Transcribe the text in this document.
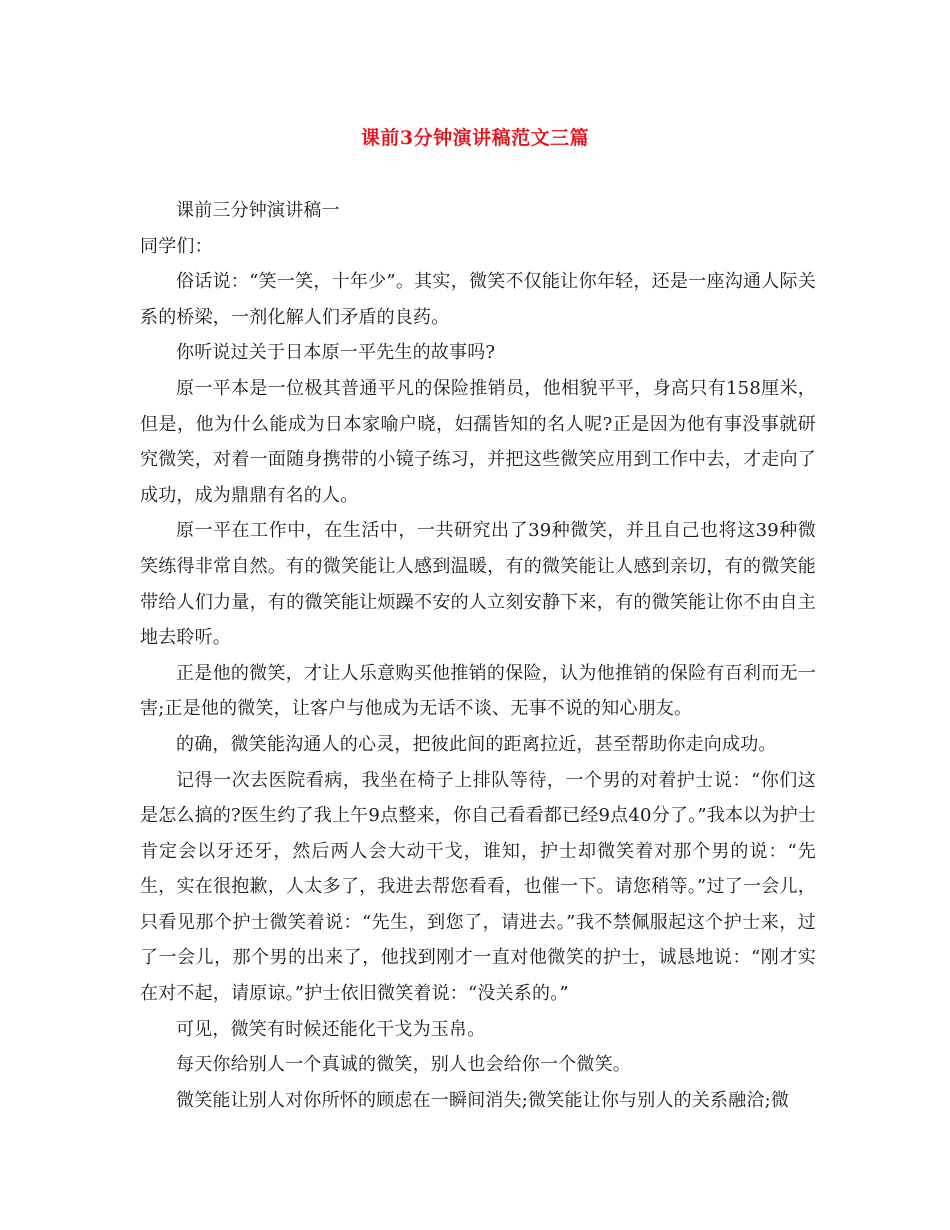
课前3分钟演讲稿范文三篇

课前三分钟演讲稿一

同学们：

俗话说：“笑一笑，十年少”。其实，微笑不仅能让你年轻，还是一座沟通人际关系的桥梁，一剂化解人们矛盾的良药。

你听说过关于日本原一平先生的故事吗?

原一平本是一位极其普通平凡的保险推销员，他相貌平平，身高只有158厘米，但是，他为什么能成为日本家喻户晓，妇孺皆知的名人呢?正是因为他有事没事就研究微笑，对着一面随身携带的小镜子练习，并把这些微笑应用到工作中去，才走向了成功，成为鼎鼎有名的人。

原一平在工作中，在生活中，一共研究出了39种微笑，并且自己也将这39种微笑练得非常自然。有的微笑能让人感到温暖，有的微笑能让人感到亲切，有的微笑能带给人们力量，有的微笑能让烦躁不安的人立刻安静下来，有的微笑能让你不由自主地去聆听。

正是他的微笑，才让人乐意购买他推销的保险，认为他推销的保险有百利而无一害;正是他的微笑，让客户与他成为无话不谈、无事不说的知心朋友。

的确，微笑能沟通人的心灵，把彼此间的距离拉近，甚至帮助你走向成功。

记得一次去医院看病，我坐在椅子上排队等待，一个男的对着护士说：“你们这是怎么搞的?医生约了我上午9点整来，你自己看看都已经9点40分了。”我本以为护士肯定会以牙还牙，然后两人会大动干戈，谁知，护士却微笑着对那个男的说：“先生，实在很抱歉，人太多了，我进去帮您看看，也催一下。请您稍等。”过了一会儿，只看见那个护士微笑着说：“先生，到您了，请进去。”我不禁佩服起这个护士来，过了一会儿，那个男的出来了，他找到刚才一直对他微笑的护士，诚恳地说：“刚才实在对不起，请原谅。”护士依旧微笑着说：“没关系的。”

可见，微笑有时候还能化干戈为玉帛。

每天你给别人一个真诚的微笑，别人也会给你一个微笑。

微笑能让别人对你所怀的顾虑在一瞬间消失;微笑能让你与别人的关系融洽;微
